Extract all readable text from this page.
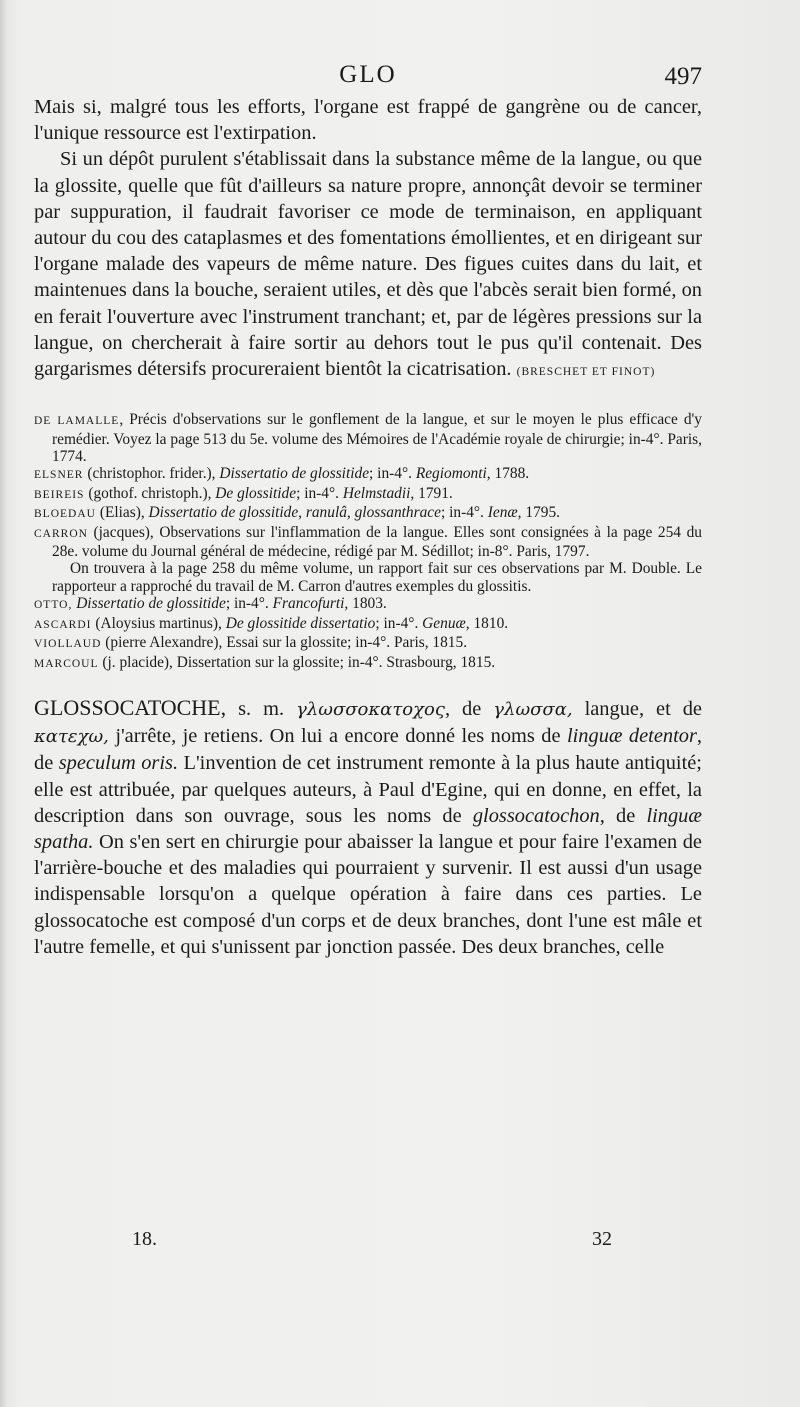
GLO	497

Mais si, malgré tous les efforts, l'organe est frappé de gangrène ou de cancer, l'unique ressource est l'extirpation.

Si un dépôt purulent s'établissait dans la substance même de la langue, ou que la glossite, quelle que fût d'ailleurs sa nature propre, annonçât devoir se terminer par suppuration, il faudrait favoriser ce mode de terminaison, en appliquant autour du cou des cataplasmes et des fomentations émollientes, et en dirigeant sur l'organe malade des vapeurs de même nature. Des figues cuites dans du lait, et maintenues dans la bouche, seraient utiles, et dès que l'abcès serait bien formé, on en ferait l'ouverture avec l'instrument tranchant; et, par de légères pressions sur la langue, on chercherait à faire sortir au dehors tout le pus qu'il contenait. Des gargarismes détersifs procureraient bientôt la cicatrisation. (BRESCHET ET FINOT)

DE LAMALLE, Précis d'observations sur le gonflement de la langue, et sur le moyen le plus efficace d'y remédier. Voyez la page 513 du 5e. volume des Mémoires de l'Académie royale de chirurgie; in-4°. Paris, 1774.

ELSNER (christophor. frider.), Dissertatio de glossitide; in-4°. Regiomonti, 1788.

BEIREIS (gothof. christoph.), De glossitide; in-4°. Helmstadii, 1791.

BLOEDAU (Elias), Dissertatio de glossitide, ranulâ, glossanthrace; in-4°. Ienæ, 1795.

CARRON (jacques), Observations sur l'inflammation de la langue. Elles sont consignées à la page 254 du 28e. volume du Journal général de médecine, rédigé par M. Sédillot; in-8°. Paris, 1797.

On trouvera à la page 258 du même volume, un rapport fait sur ces observations par M. Double. Le rapporteur a rapproché du travail de M. Carron d'autres exemples du glossitis.

OTTO, Dissertatio de glossitide; in-4°. Francofurti, 1803.

ASCARDI (Aloysius martinus), De glossitide dissertatio; in-4°. Genuæ, 1810.

VIOLLAUD (pierre Alexandre), Essai sur la glossite; in-4°. Paris, 1815.

MARCOUL (j. placide), Dissertation sur la glossite; in-4°. Strasbourg, 1815.

GLOSSOCATOCHE, s. m. γλωσσοκατοχος, de γλωσσα, langue, et de κατεχω, j'arrête, je retiens. On lui a encore donné les noms de linguæ detentor, de speculum oris. L'invention de cet instrument remonte à la plus haute antiquité; elle est attribuée, par quelques auteurs, à Paul d'Egine, qui en donne, en effet, la description dans son ouvrage, sous les noms de glossocatochon, de linguæ spatha. On s'en sert en chirurgie pour abaisser la langue et pour faire l'examen de l'arrière-bouche et des maladies qui pourraient y survenir. Il est aussi d'un usage indispensable lorsqu'on a quelque opération à faire dans ces parties. Le glossocatoche est composé d'un corps et de deux branches, dont l'une est mâle et l'autre femelle, et qui s'unissent par jonction passée. Des deux branches, celle
18.	32
